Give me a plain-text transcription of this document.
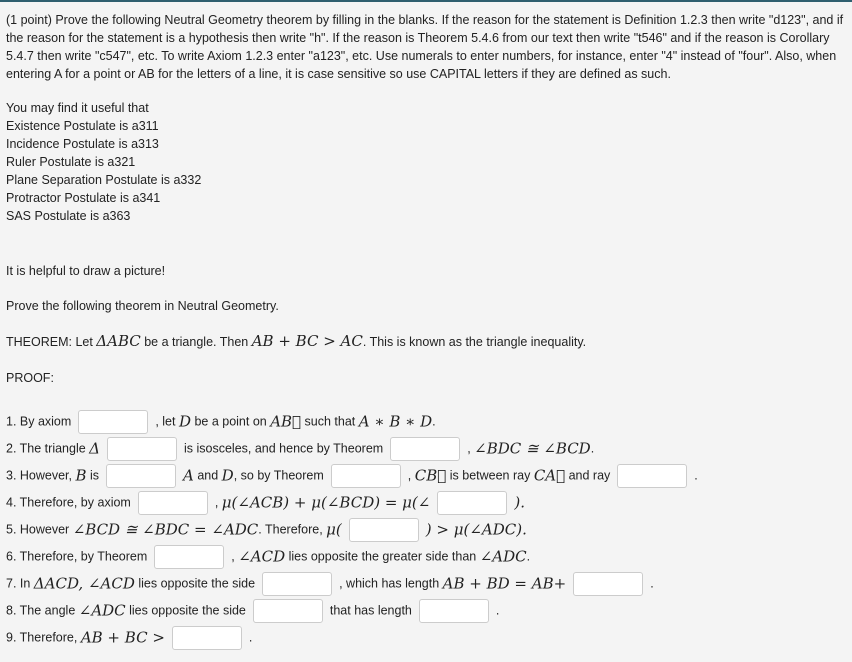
(1 point) Prove the following Neutral Geometry theorem by filling in the blanks. If the reason for the statement is Definition 1.2.3 then write "d123", and if the reason for the statement is a hypothesis then write "h". If the reason is Theorem 5.4.6 from our text then write "t546" and if the reason is Corollary 5.4.7 then write "c547", etc. To write Axiom 1.2.3 enter "a123", etc. Use numerals to enter numbers, for instance, enter "4" instead of "four". Also, when entering A for a point or AB for the letters of a line, it is case sensitive so use CAPITAL letters if they are defined as such.

You may find it useful that
Existence Postulate is a311
Incidence Postulate is a313
Ruler Postulate is a321
Plane Separation Postulate is a332
Protractor Postulate is a341
SAS Postulate is a363
It is helpful to draw a picture!
Prove the following theorem in Neutral Geometry.
THEOREM: Let ΔABC be a triangle. Then AB + BC > AC. This is known as the triangle inequality.
PROOF:
1. By axiom	, let D be a point on AB⃗ such that A ∗ B ∗ D.
2. The triangle Δ	is isosceles, and hence by Theorem	, ∠BDC ≅ ∠BCD.
3. However, B is	A and D, so by Theorem	, CB⃗ is between ray CA⃗ and ray	.
4. Therefore, by axiom	, μ(∠ACB) + μ(∠BCD) = μ(∠	).
5. However ∠BCD ≅ ∠BDC = ∠ADC. Therefore, μ(	) > μ(∠ADC).
6. Therefore, by Theorem	, ∠ACD lies opposite the greater side than ∠ADC.
7. In ΔACD, ∠ACD lies opposite the side	, which has length AB + BD = AB+	.
8. The angle ∠ADC lies opposite the side	that has length	.
9. Therefore, AB + BC >	.
